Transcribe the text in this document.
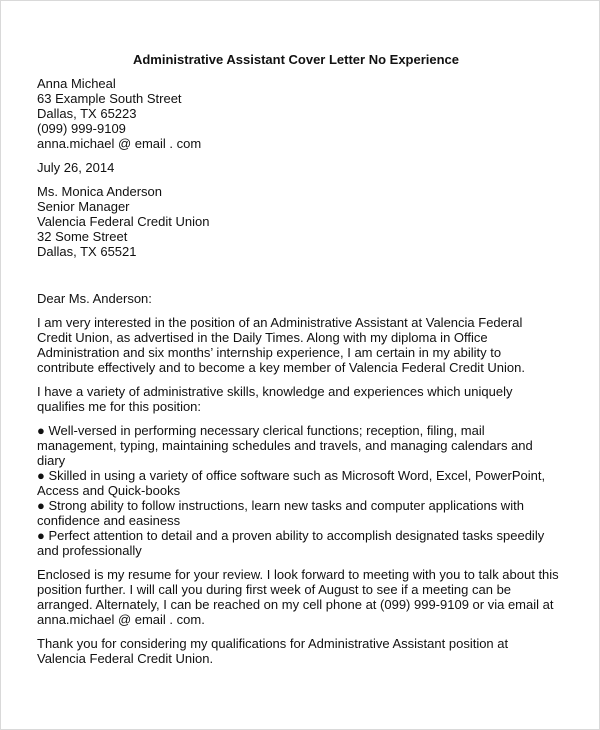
Administrative Assistant Cover Letter No Experience
Anna Micheal
63 Example South Street
Dallas, TX 65223
(099) 999-9109
anna.michael @ email . com
July 26, 2014
Ms. Monica Anderson
Senior Manager
Valencia Federal Credit Union
32 Some Street
Dallas, TX 65521
Dear Ms. Anderson:
I am very interested in the position of an Administrative Assistant at Valencia Federal
Credit Union, as advertised in the Daily Times. Along with my diploma in Office
Administration and six months’ internship experience, I am certain in my ability to
contribute effectively and to become a key member of Valencia Federal Credit Union.
I have a variety of administrative skills, knowledge and experiences which uniquely
qualifies me for this position:
● Well-versed in performing necessary clerical functions; reception, filing, mail
management, typing, maintaining schedules and travels, and managing calendars and
diary
● Skilled in using a variety of office software such as Microsoft Word, Excel, PowerPoint,
Access and Quick-books
● Strong ability to follow instructions, learn new tasks and computer applications with
confidence and easiness
● Perfect attention to detail and a proven ability to accomplish designated tasks speedily
and professionally
Enclosed is my resume for your review. I look forward to meeting with you to talk about this
position further. I will call you during first week of August to see if a meeting can be
arranged. Alternately, I can be reached on my cell phone at (099) 999-9109 or via email at
anna.michael @ email . com.
Thank you for considering my qualifications for Administrative Assistant position at
Valencia Federal Credit Union.
